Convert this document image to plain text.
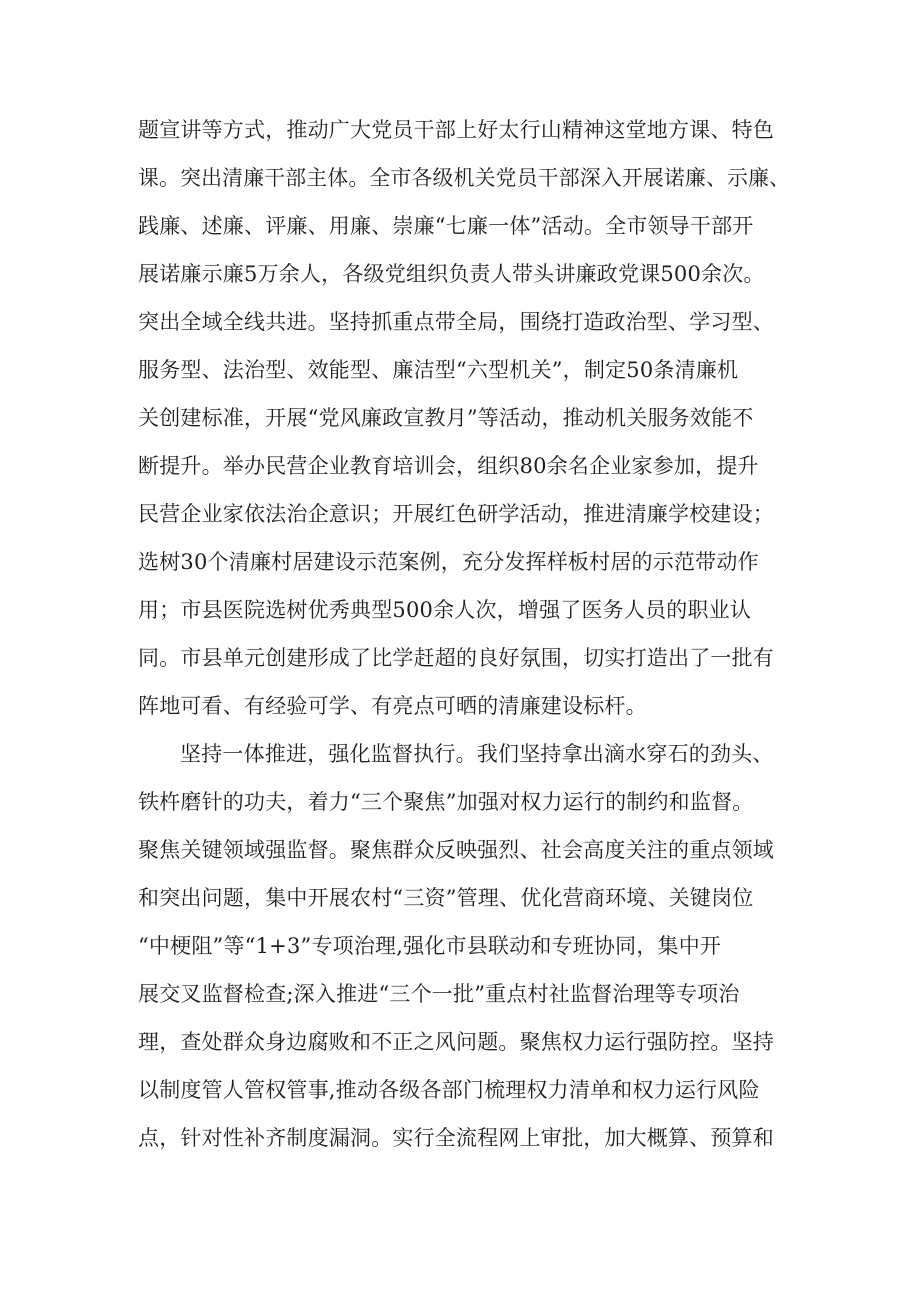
题宣讲等方式，推动广大党员干部上好太行山精神这堂地方课、特色

课。突出清廉干部主体。全市各级机关党员干部深入开展诺廉、示廉、

践廉、述廉、评廉、用廉、崇廉“七廉一体”活动。全市领导干部开

展诺廉示廉5万余人，各级党组织负责人带头讲廉政党课500余次。

突出全域全线共进。坚持抓重点带全局，围绕打造政治型、学习型、

服务型、法治型、效能型、廉洁型“六型机关”，制定50条清廉机

关创建标准，开展“党风廉政宣教月”等活动，推动机关服务效能不

断提升。举办民营企业教育培训会，组织80余名企业家参加，提升

民营企业家依法治企意识；开展红色研学活动，推进清廉学校建设；

选树30个清廉村居建设示范案例，充分发挥样板村居的示范带动作

用；市县医院选树优秀典型500余人次，增强了医务人员的职业认

同。市县单元创建形成了比学赶超的良好氛围，切实打造出了一批有

阵地可看、有经验可学、有亮点可晒的清廉建设标杆。

坚持一体推进，强化监督执行。我们坚持拿出滴水穿石的劲头、

铁杵磨针的功夫，着力“三个聚焦”加强对权力运行的制约和监督。

聚焦关键领域强监督。聚焦群众反映强烈、社会高度关注的重点领域

和突出问题，集中开展农村“三资”管理、优化营商环境、关键岗位

“中梗阻”等“1+3”专项治理,强化市县联动和专班协同，集中开

展交叉监督检查;深入推进“三个一批”重点村社监督治理等专项治

理，查处群众身边腐败和不正之风问题。聚焦权力运行强防控。坚持

以制度管人管权管事,推动各级各部门梳理权力清单和权力运行风险

点，针对性补齐制度漏洞。实行全流程网上审批，加大概算、预算和
